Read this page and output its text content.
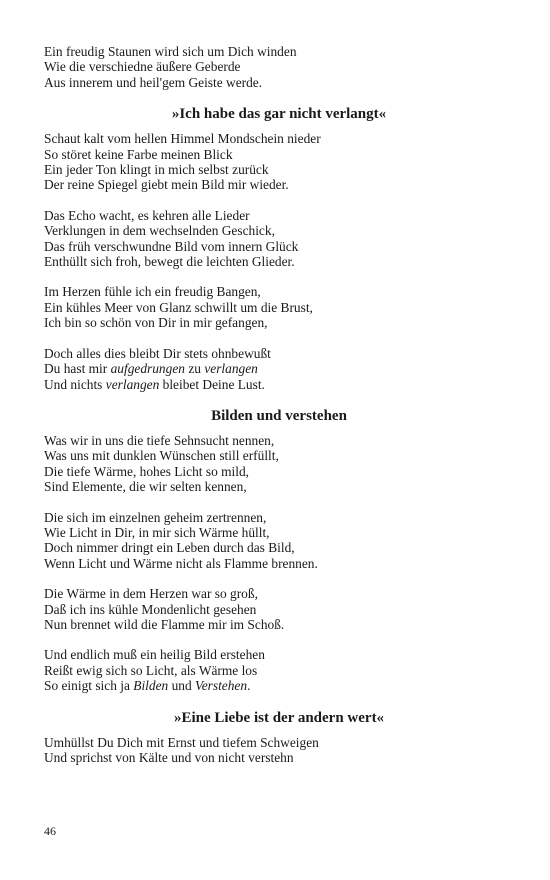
Ein freudig Staunen wird sich um Dich winden
Wie die verschiedne äußere Geberde
Aus innerem und heil'gem Geiste werde.
»Ich habe das gar nicht verlangt«
Schaut kalt vom hellen Himmel Mondschein nieder
So störet keine Farbe meinen Blick
Ein jeder Ton klingt in mich selbst zurück
Der reine Spiegel giebt mein Bild mir wieder.
Das Echo wacht, es kehren alle Lieder
Verklungen in dem wechselnden Geschick,
Das früh verschwundne Bild vom innern Glück
Enthüllt sich froh, bewegt die leichten Glieder.
Im Herzen fühle ich ein freudig Bangen,
Ein kühles Meer von Glanz schwillt um die Brust,
Ich bin so schön von Dir in mir gefangen,
Doch alles dies bleibt Dir stets ohnbewußt
Du hast mir aufgedrungen zu verlangen
Und nichts verlangen bleibet Deine Lust.
Bilden und verstehen
Was wir in uns die tiefe Sehnsucht nennen,
Was uns mit dunklen Wünschen still erfüllt,
Die tiefe Wärme, hohes Licht so mild,
Sind Elemente, die wir selten kennen,
Die sich im einzelnen geheim zertrennen,
Wie Licht in Dir, in mir sich Wärme hüllt,
Doch nimmer dringt ein Leben durch das Bild,
Wenn Licht und Wärme nicht als Flamme brennen.
Die Wärme in dem Herzen war so groß,
Daß ich ins kühle Mondenlicht gesehen
Nun brennet wild die Flamme mir im Schoß.
Und endlich muß ein heilig Bild erstehen
Reißt ewig sich so Licht, als Wärme los
So einigt sich ja Bilden und Verstehen.
»Eine Liebe ist der andern wert«
Umhüllst Du Dich mit Ernst und tiefem Schweigen
Und sprichst von Kälte und von nicht verstehn
46
